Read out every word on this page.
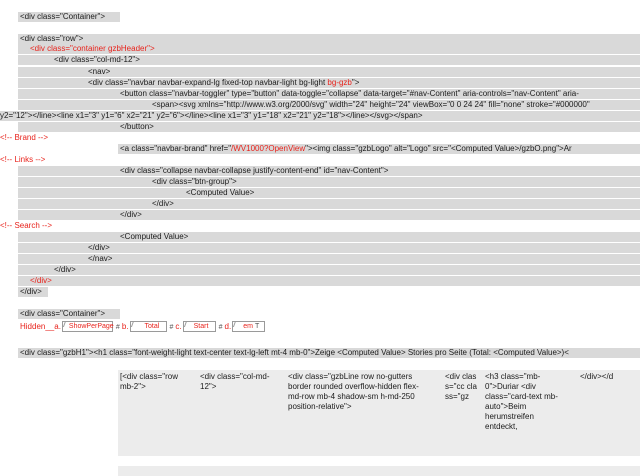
<div class="Container">
<div class="row">
<div class="container gzbHeader">
<div class="col-md-12">
<nav>
<div class="navbar navbar-expand-lg fixed-top navbar-light bg-light bg-gzb">
<button class="navbar-toggler" type="button" data-toggle="collapse" data-target="#nav-Content" aria-controls="nav-Content" aria-
<span><svg xmlns="http://www.w3.org/2000/svg" width="24" height="24" viewBox="0 0 24 24" fill="none" stroke="#000000"
y2="12"></line><line x1="3" y1="6" x2="21" y2="6"></line><line x1="3" y1="18" x2="21" y2="18"></line></svg></span>
</button>
<!-- Brand -->
<a class="navbar-brand" href="/WV1000?OpenView"><img class="gzbLogo" alt="Logo" src="<Computed Value>/gzbO.png">Ar
<!-- Links -->
<div class="collapse navbar-collapse justify-content-end" id="nav-Content">
<div class="btn-group">
<Computed Value>
</div>
</div>
<!-- Search -->
<Computed Value>
</div>
</nav>
</div>
</div>
</div>
<div class="Container">
Hidden__a. ShowPerPage # b. Total # c. Start # d. em T
<div class="gzbH1"><h1 class="font-weight-light text-center text-lg-left mt-4 mb-0">Zeige <Computed Value> Stories pro Seite (Total: <Computed Value>)<
[<div class="row mb-2">
<div class="col-md-12">
<div class="gzbLine row no-gutters border rounded overflow-hidden flex-md-row mb-4 shadow-sm h-md-250 position-relative">
<div class="cc class="gz
<h3 class="mb-0">Duriar <div class="card-text mb-auto">Beim herumstreifen entdeckt,
</div></d
